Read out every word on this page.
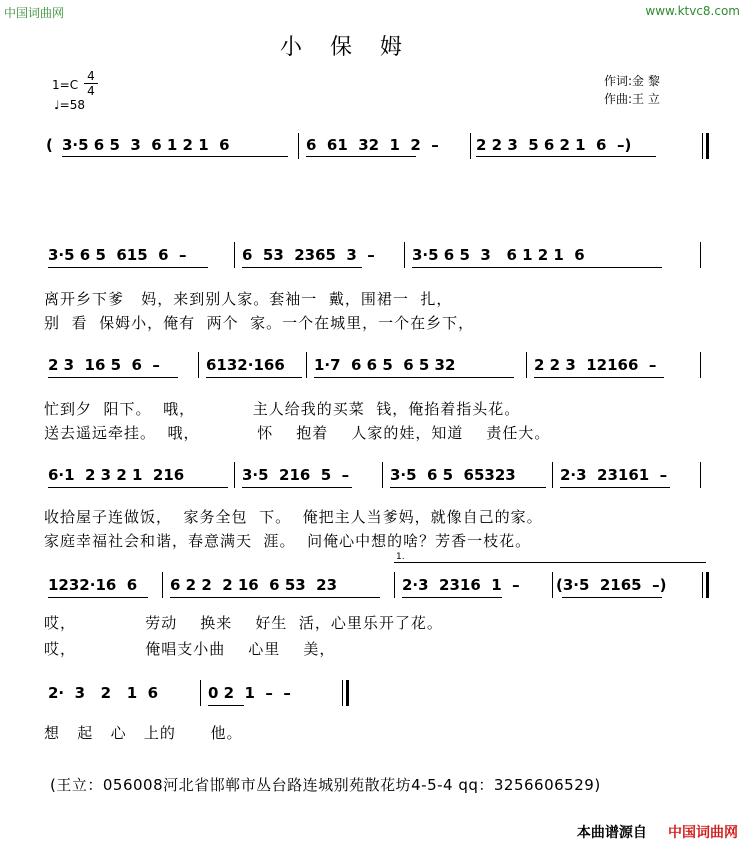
中国词曲网	www.ktvc8.com
小保姆
1=C
4
4
♩=58
作词:金 黎
作曲:王 立
( 3·5 6 5  3  6 1 2 1  6	6  61  32  1  2  – 2 2 3  5 6 2 1  6  –)
3·5 6 5  615  6  –	6  53  2365  3  – 3·5 6 5  3   6 1 2 1  6
离开乡下爹   妈，来到别人家。套袖一  戴，围裙一  扎，
别  看  保姆小，俺有  两个  家。一个在城里，一个在乡下，
2 3  16 5  6  –	6132·166 1·7  6 6 5  6 5 32	2 2 3  12166  –
忙到夕  阳下。  哦，          主人给我的买菜  钱，俺掐着指头花。
送去遥远牵挂。  哦，          怀    抱着    人家的娃，知道    责任大。
6·1  2 3 2 1  216	3·5  216  5  –	3·5  6 5  65323	2·3  23161  –
收拾屋子连做饭，  家务全包  下。  俺把主人当爹妈，就像自己的家。
家庭幸福社会和谐，春意满天  涯。  问俺心中想的啥？芳香一枝花。
1.
1232·16  6 6 2 2  2 16  6 53  23	2·3  2316  1  – (3·5  2165  –)
哎，            劳动    换来    好生  活，心里乐开了花。
哎，            俺唱支小曲    心里    美，
2·  3   2   1  6	0 2  1  –  –
想   起   心   上的      他。
(王立：056008河北省邯郸市丛台路连城别苑散花坊4-5-4 qq：3256606529)
本曲谱源自 中国词曲网
